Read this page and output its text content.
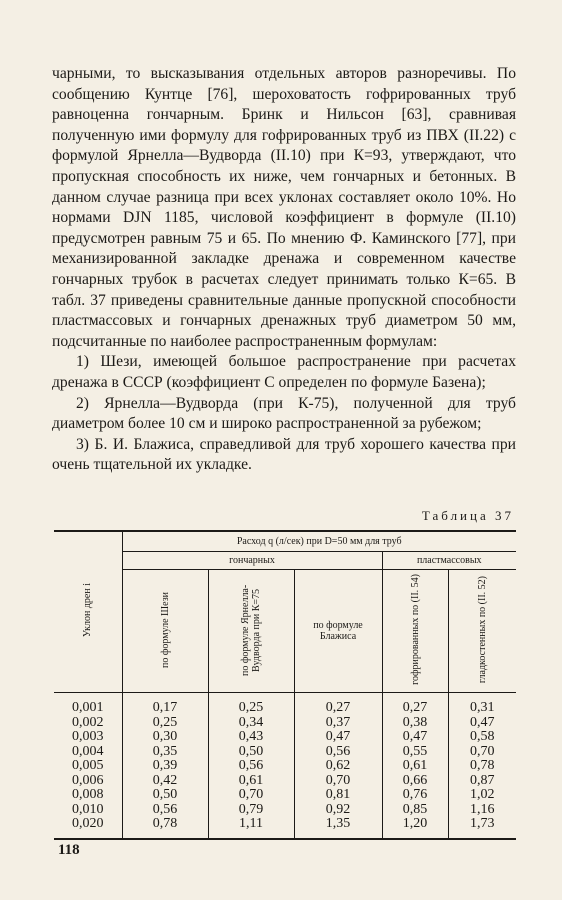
чарными, то высказывания отдельных авторов разноречивы. По сообщению Кунтце [76], шероховатость гофрированных труб равноценна гончарным. Бринк и Нильсон [63], сравнивая полученную ими формулу для гофрированных труб из ПВХ (II.22) с формулой Ярнелла—Вудворда (II.10) при К=93, утверждают, что пропускная способность их ниже, чем гончарных и бетонных. В данном случае разница при всех уклонах составляет около 10%. Но нормами DJN 1185, числовой коэффициент в формуле (II.10) предусмотрен равным 75 и 65. По мнению Ф. Каминского [77], при механизированной закладке дренажа и современном качестве гончарных трубок в расчетах следует принимать только К=65. В табл. 37 приведены сравнительные данные пропускной способности пластмассовых и гончарных дренажных труб диаметром 50 мм, подсчитанные по наиболее распространенным формулам:

1) Шези, имеющей большое распространение при расчетах дренажа в СССР (коэффициент С определен по формуле Базена);

2) Ярнелла—Вудворда (при К-75), полученной для труб диаметром более 10 см и широко распространенной за рубежом;

3) Б. И. Блажиса, справедливой для труб хорошего качества при очень тщательной их укладке.

Таблица 37
Уклон дрен i	Расход q (л/сек) при D=50 мм для труб				
	гончарных			пластмассовых	
	по формуле Шези	по формуле Ярнелла-Вудворда при К=75	по формуле Блажиса	гофрированных по (II. 54)	гладкостенных по (II. 52)
0,001	0,17	0,25	0,27	0,27	0,31
0,002	0,25	0,34	0,37	0,38	0,47
0,003	0,30	0,43	0,47	0,47	0,58
0,004	0,35	0,50	0,56	0,55	0,70
0,005	0,39	0,56	0,62	0,61	0,78
0,006	0,42	0,61	0,70	0,66	0,87
0,008	0,50	0,70	0,81	0,76	1,02
0,010	0,56	0,79	0,92	0,85	1,16
0,020	0,78	1,11	1,35	1,20	1,73
118
